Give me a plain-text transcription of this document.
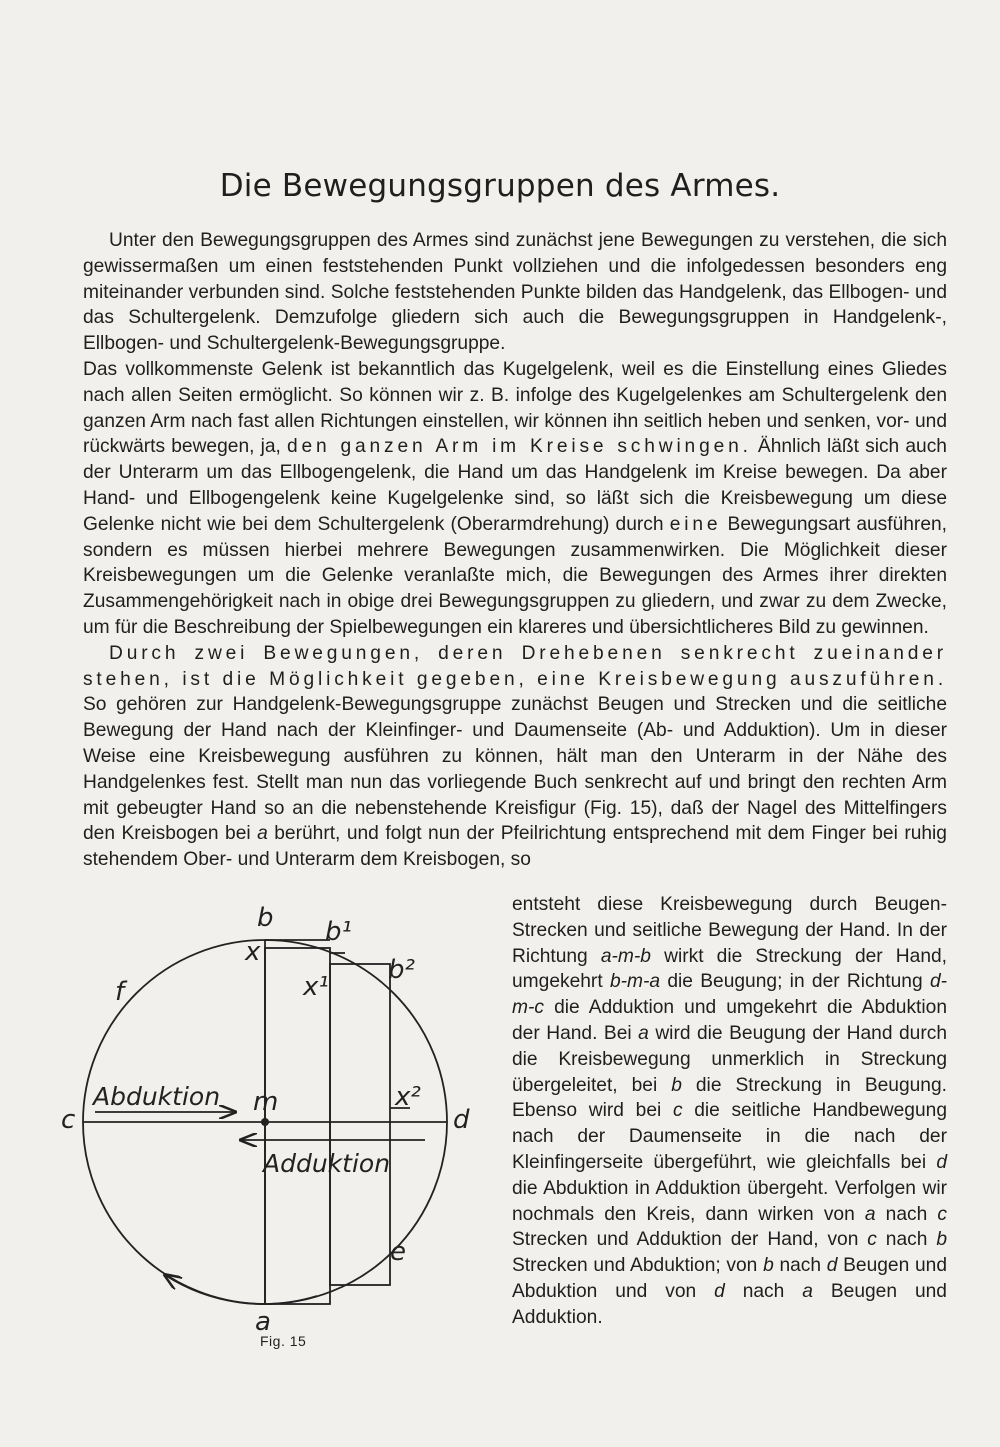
Die Bewegungsgruppen des Armes.

Unter den Bewegungsgruppen des Armes sind zunächst jene Bewegungen zu verstehen, die sich gewissermaßen um einen feststehenden Punkt vollziehen und die infolgedessen besonders eng miteinander verbunden sind. Solche feststehenden Punkte bilden das Handgelenk, das Ellbogen- und das Schultergelenk. Demzufolge gliedern sich auch die Bewegungsgruppen in Handgelenk-, Ellbogen- und Schultergelenk-Bewegungsgruppe.

Das vollkommenste Gelenk ist bekanntlich das Kugelgelenk, weil es die Einstellung eines Gliedes nach allen Seiten ermöglicht. So können wir z. B. infolge des Kugelgelenkes am Schultergelenk den ganzen Arm nach fast allen Richtungen einstellen, wir können ihn seitlich heben und senken, vor- und rückwärts bewegen, ja, den ganzen Arm im Kreise schwingen. Ähnlich läßt sich auch der Unterarm um das Ellbogengelenk, die Hand um das Handgelenk im Kreise bewegen. Da aber Hand- und Ellbogengelenk keine Kugelgelenke sind, so läßt sich die Kreisbewegung um diese Gelenke nicht wie bei dem Schultergelenk (Oberarmdrehung) durch eine Bewegungsart ausführen, sondern es müssen hierbei mehrere Bewegungen zusammenwirken. Die Möglichkeit dieser Kreisbewegungen um die Gelenke veranlaßte mich, die Bewegungen des Armes ihrer direkten Zusammengehörigkeit nach in obige drei Bewegungsgruppen zu gliedern, und zwar zu dem Zwecke, um für die Beschreibung der Spielbewegungen ein klareres und übersichtlicheres Bild zu gewinnen.

Durch zwei Bewegungen, deren Drehebenen senkrecht zueinander stehen, ist die Möglichkeit gegeben, eine Kreisbewegung auszuführen. So gehören zur Handgelenk-Bewegungsgruppe zunächst Beugen und Strecken und die seitliche Bewegung der Hand nach der Kleinfinger- und Daumenseite (Ab- und Adduktion). Um in dieser Weise eine Kreisbewegung ausführen zu können, hält man den Unterarm in der Nähe des Handgelenkes fest. Stellt man nun das vorliegende Buch senkrecht auf und bringt den rechten Arm mit gebeugter Hand so an die nebenstehende Kreisfigur (Fig. 15), daß der Nagel des Mittelfingers den Kreisbogen bei a berührt, und folgt nun der Pfeilrichtung entsprechend mit dem Finger bei ruhig stehendem Ober- und Unterarm dem Kreisbogen, so

b b¹
b²
x
x¹
x²
f
c	d
m
e
a
Abduktion
Adduktion
Fig. 15

entsteht diese Kreisbewegung durch Beugen-Strecken und seitliche Bewegung der Hand. In der Richtung a-m-b wirkt die Streckung der Hand, umgekehrt b-m-a die Beugung; in der Richtung d-m-c die Adduktion und umgekehrt die Abduktion der Hand. Bei a wird die Beugung der Hand durch die Kreisbewegung unmerklich in Streckung übergeleitet, bei b die Streckung in Beugung. Ebenso wird bei c die seitliche Handbewegung nach der Daumenseite in die nach der Kleinfingerseite übergeführt, wie gleichfalls bei d die Abduktion in Adduktion übergeht. Verfolgen wir nochmals den Kreis, dann wirken von a nach c Strecken und Adduktion der Hand, von c nach b Strecken und Abduktion; von b nach d Beugen und Abduktion und von d nach a Beugen und Adduktion.
